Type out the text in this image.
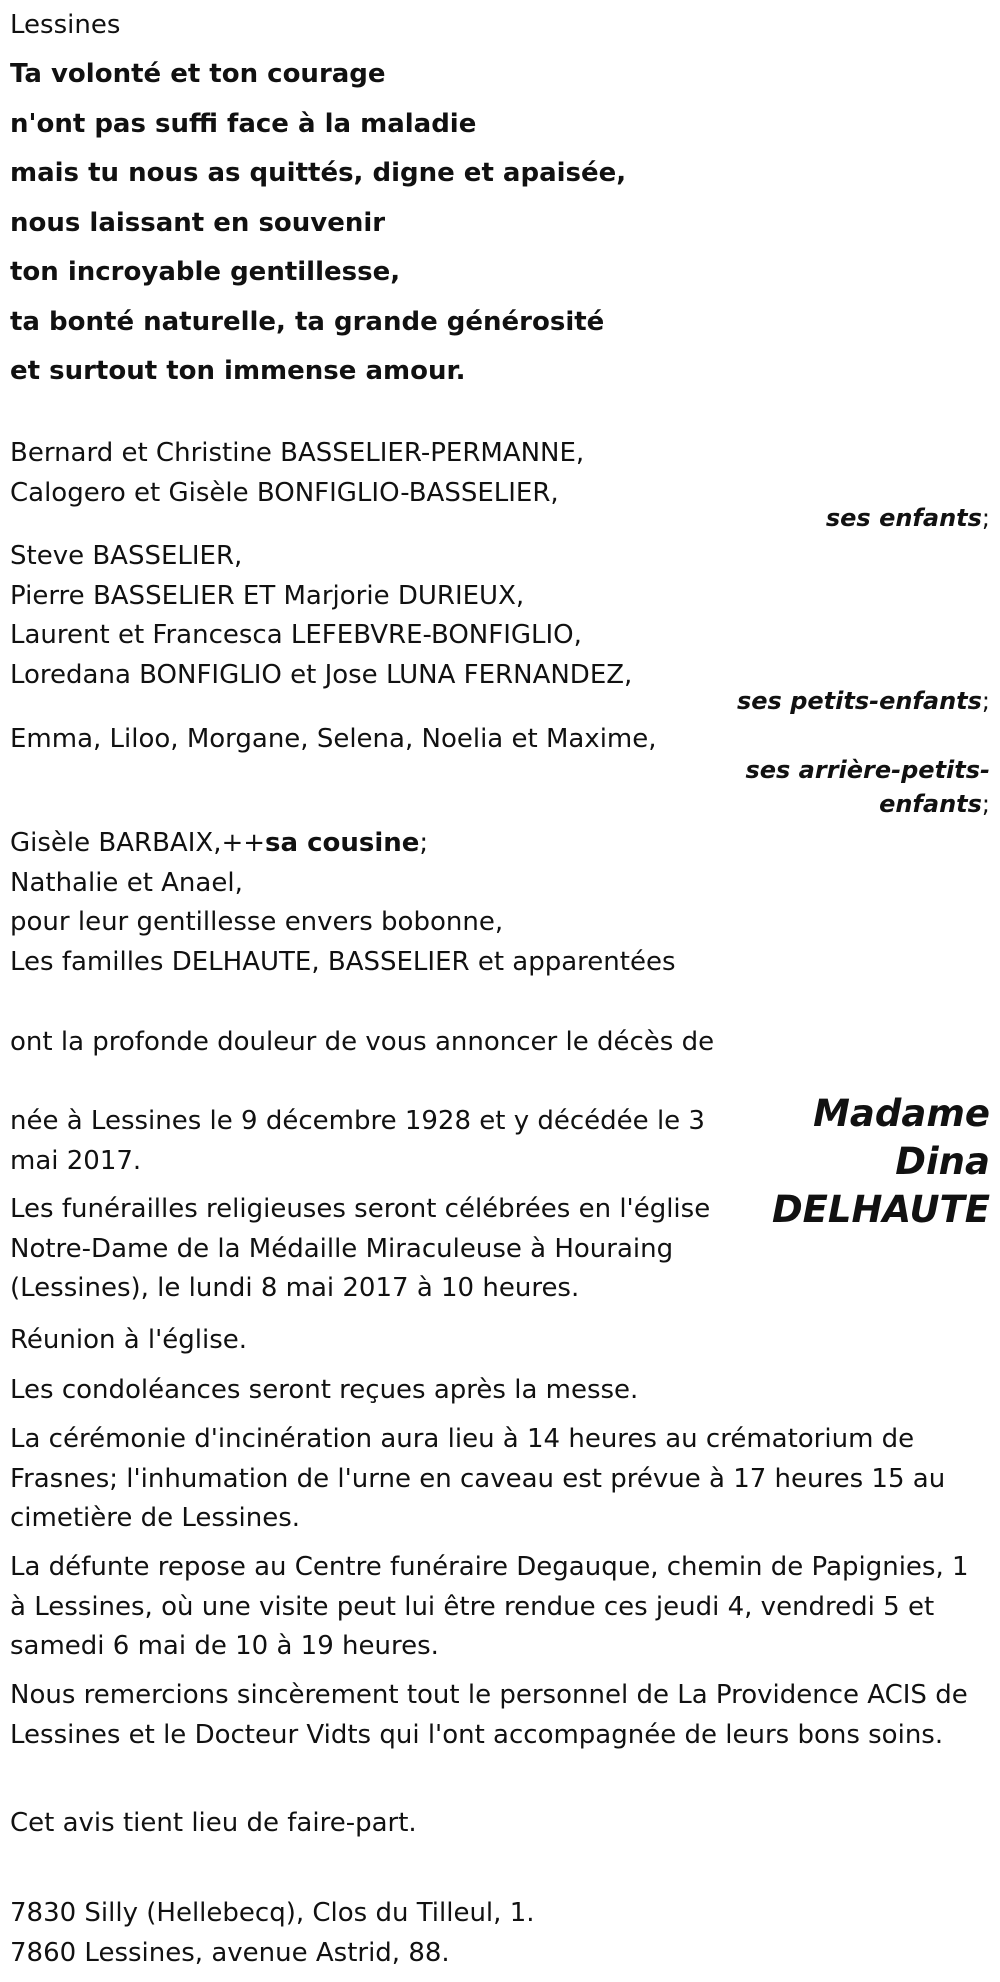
Lessines
Ta volonté et ton courage
n'ont pas suffi face à la maladie
mais tu nous as quittés, digne et apaisée,
nous laissant en souvenir
ton incroyable gentillesse,
ta bonté naturelle, ta grande générosité
et surtout ton immense amour.
Bernard et Christine BASSELIER-PERMANNE,
Calogero et Gisèle BONFIGLIO-BASSELIER,
ses enfants;
Steve BASSELIER,
Pierre BASSELIER ET Marjorie DURIEUX,
Laurent et Francesca LEFEBVRE-BONFIGLIO,
Loredana BONFIGLIO et Jose LUNA FERNANDEZ,
ses petits-enfants;
Emma, Liloo, Morgane, Selena, Noelia et Maxime,
ses arrière-petits-
enfants;
Gisèle BARBAIX,++sa cousine;
Nathalie et Anael,
pour leur gentillesse envers bobonne,
Les familles DELHAUTE, BASSELIER et apparentées
ont la profonde douleur de vous annoncer le décès de
Madame
Dina
DELHAUTE
née à Lessines le 9 décembre 1928 et y décédée le 3 mai 2017.
Les funérailles religieuses seront célébrées en l'église Notre-Dame de la Médaille Miraculeuse à Houraing (Lessines), le lundi 8 mai 2017 à 10 heures.
Réunion à l'église.
Les condoléances seront reçues après la messe.
La cérémonie d'incinération aura lieu à 14 heures au crématorium de Frasnes; l'inhumation de l'urne en caveau est prévue à 17 heures 15 au cimetière de Lessines.
La défunte repose au Centre funéraire Degauque, chemin de Papignies, 1 à Lessines, où une visite peut lui être rendue ces jeudi 4, vendredi 5 et samedi 6 mai de 10 à 19 heures.
Nous remercions sincèrement tout le personnel de La Providence ACIS de Lessines et le Docteur Vidts qui l'ont accompagnée de leurs bons soins.
Cet avis tient lieu de faire-part.
7830 Silly (Hellebecq), Clos du Tilleul, 1.
7860 Lessines, avenue Astrid, 88.
